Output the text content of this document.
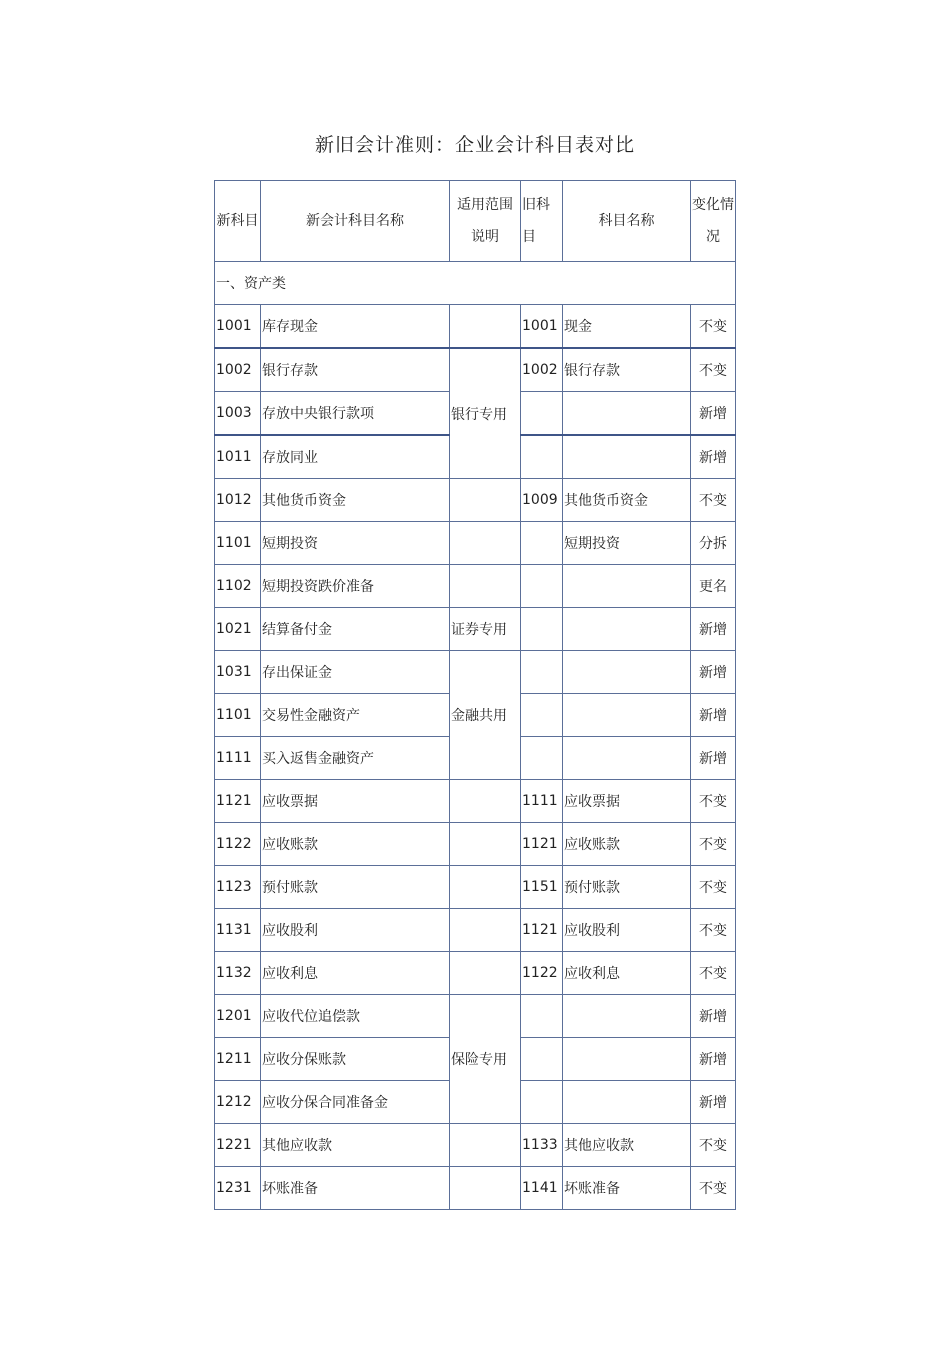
新旧会计准则：企业会计科目表对比
新科目	新会计科目名称	适用范围说明	旧科目	科目名称	变化情况
一、资产类					
1001	库存现金		1001	现金	不变
1002	银行存款	银行专用	1002	银行存款	不变
1003	存放中央银行款项				新增
1011	存放同业				新增
1012	其他货币资金		1009	其他货币资金	不变
1101	短期投资			短期投资	分拆
1102	短期投资跌价准备				更名
1021	结算备付金	证券专用			新增
1031	存出保证金	金融共用			新增
1101	交易性金融资产				新增
1111	买入返售金融资产				新增
1121	应收票据		1111	应收票据	不变
1122	应收账款		1121	应收账款	不变
1123	预付账款		1151	预付账款	不变
1131	应收股利		1121	应收股利	不变
1132	应收利息		1122	应收利息	不变
1201	应收代位追偿款	保险专用			新增
1211	应收分保账款				新增
1212	应收分保合同准备金				新增
1221	其他应收款		1133	其他应收款	不变
1231	坏账准备		1141	坏账准备	不变
